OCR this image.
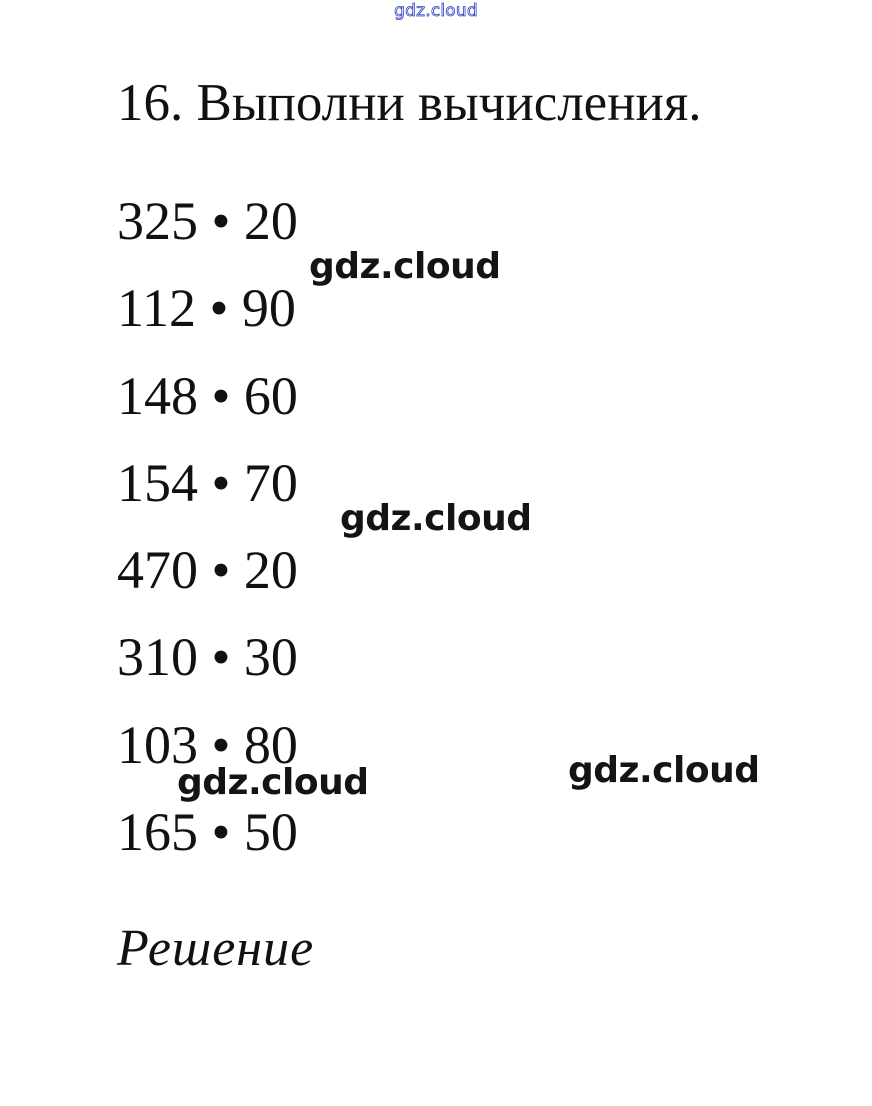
gdz.cloud
16. Выполни вычисления.
325 • 20
112 • 90
148 • 60
154 • 70
470 • 20
310 • 30
103 • 80
165 • 50
Решение
gdz.cloud
gdz.cloud
gdz.cloud
gdz.cloud
